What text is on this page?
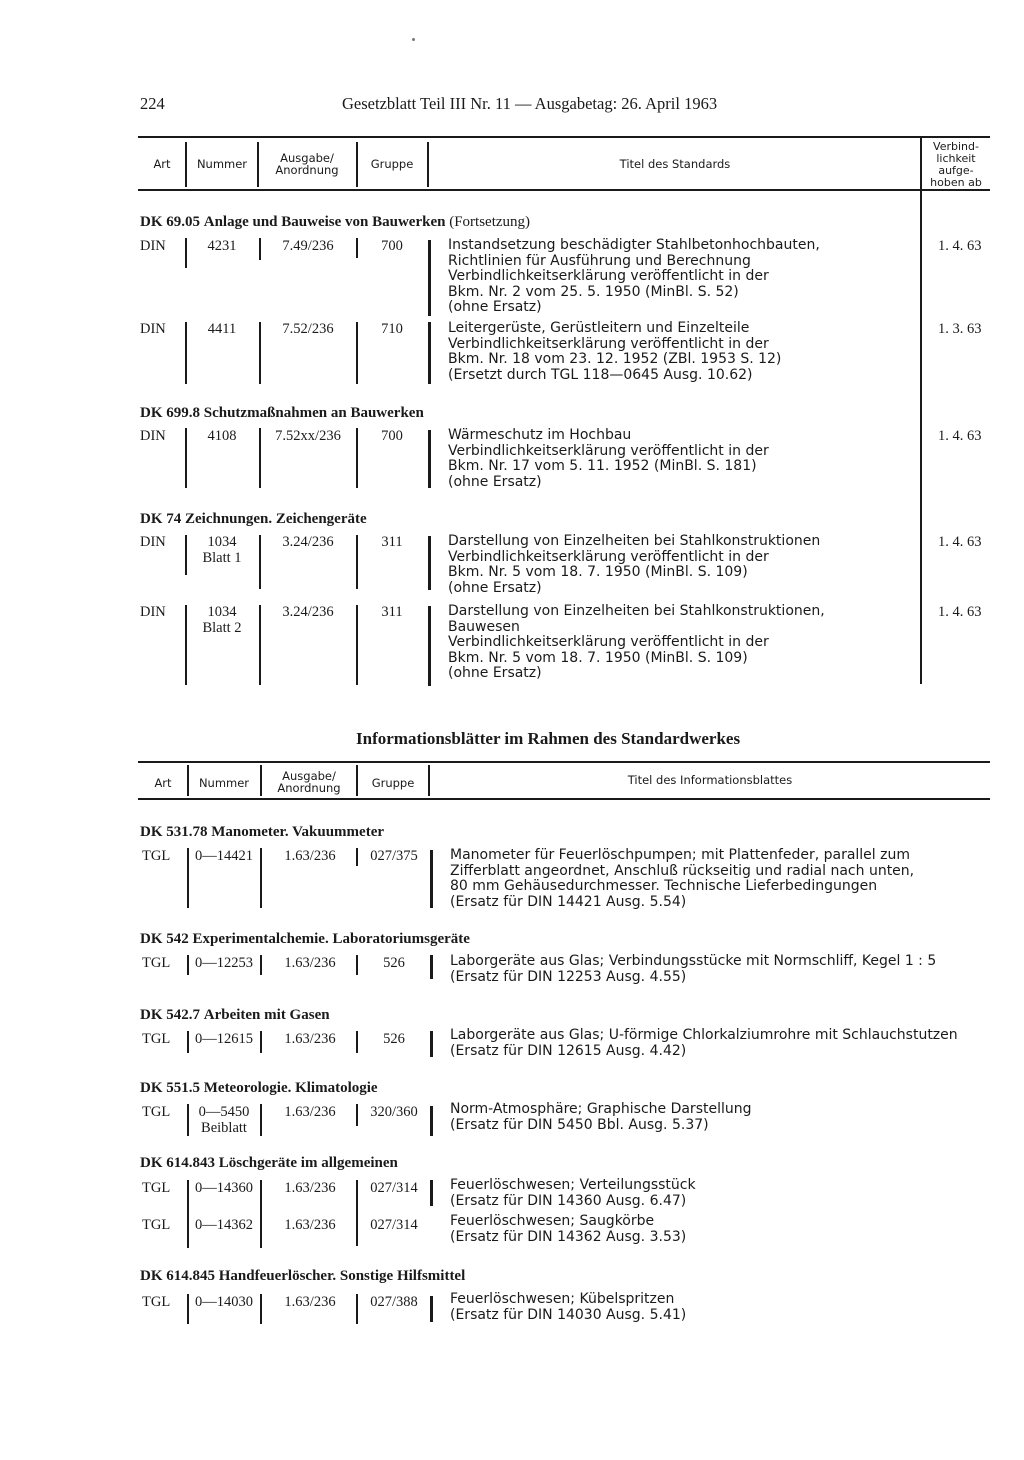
224	Gesetzblatt Teil III Nr. 11 — Ausgabetag: 26. April 1963
Art	Nummer	Ausgabe/ Anordnung	Gruppe	Titel des Standards
Verbind- lichkeit aufge- hoben ab
DK 69.05 Anlage und Bauweise von Bauwerken (Fortsetzung)
DIN	4231	7.49/236	700	Instandsetzung beschädigter Stahlbetonhochbauten,
Richtlinien für Ausführung und Berechnung
Verbindlichkeitserklärung veröffentlicht in der
Bkm. Nr. 2 vom 25. 5. 1950 (MinBl. S. 52)
(ohne Ersatz)
1. 4. 63
DIN	4411	7.52/236	710	Leitergerüste, Gerüstleitern und Einzelteile
Verbindlichkeitserklärung veröffentlicht in der
Bkm. Nr. 18 vom 23. 12. 1952 (ZBl. 1953 S. 12)
(Ersetzt durch TGL 118—0645 Ausg. 10.62)
1. 3. 63
DK 699.8 Schutzmaßnahmen an Bauwerken
DIN	4108	7.52xx/236	700	Wärmeschutz im Hochbau
Verbindlichkeitserklärung veröffentlicht in der
Bkm. Nr. 17 vom 5. 11. 1952 (MinBl. S. 181)
(ohne Ersatz)
1. 4. 63
DK 74 Zeichnungen. Zeichengeräte
DIN	1034
Blatt 1
3.24/236	311	Darstellung von Einzelheiten bei Stahlkonstruktionen
Verbindlichkeitserklärung veröffentlicht in der
Bkm. Nr. 5 vom 18. 7. 1950 (MinBl. S. 109)
(ohne Ersatz)
1. 4. 63
DIN	1034
Blatt 2
3.24/236	311	Darstellung von Einzelheiten bei Stahlkonstruktionen,
Bauwesen
Verbindlichkeitserklärung veröffentlicht in der
Bkm. Nr. 5 vom 18. 7. 1950 (MinBl. S. 109)
(ohne Ersatz)
1. 4. 63
Informationsblätter im Rahmen des Standardwerkes
Art	Nummer	Ausgabe/ Anordnung	Gruppe	Titel des Informationsblattes
DK 531.78 Manometer. Vakuummeter
TGL	0—14421	1.63/236	027/375	Manometer für Feuerlöschpumpen; mit Plattenfeder, parallel zum
Zifferblatt angeordnet, Anschluß rückseitig und radial nach unten,
80 mm Gehäusedurchmesser. Technische Lieferbedingungen
(Ersatz für DIN 14421 Ausg. 5.54)
DK 542 Experimentalchemie. Laboratoriumsgeräte
TGL	0—12253	1.63/236	526	Laborgeräte aus Glas; Verbindungsstücke mit Normschliff, Kegel 1 : 5
(Ersatz für DIN 12253 Ausg. 4.55)
DK 542.7 Arbeiten mit Gasen
TGL	0—12615	1.63/236	526	Laborgeräte aus Glas; U-förmige Chlorkalziumrohre mit Schlauchstutzen
(Ersatz für DIN 12615 Ausg. 4.42)
DK 551.5 Meteorologie. Klimatologie
TGL	0—5450
Beiblatt
1.63/236	320/360	Norm-Atmosphäre; Graphische Darstellung
(Ersatz für DIN 5450 Bbl. Ausg. 5.37)
DK 614.843 Löschgeräte im allgemeinen
TGL	0—14360	1.63/236	027/314	Feuerlöschwesen; Verteilungsstück
(Ersatz für DIN 14360 Ausg. 6.47)
TGL	0—14362	1.63/236	027/314	Feuerlöschwesen; Saugkörbe
(Ersatz für DIN 14362 Ausg. 3.53)
DK 614.845 Handfeuerlöscher. Sonstige Hilfsmittel
TGL	0—14030	1.63/236	027/388	Feuerlöschwesen; Kübelspritzen
(Ersatz für DIN 14030 Ausg. 5.41)
